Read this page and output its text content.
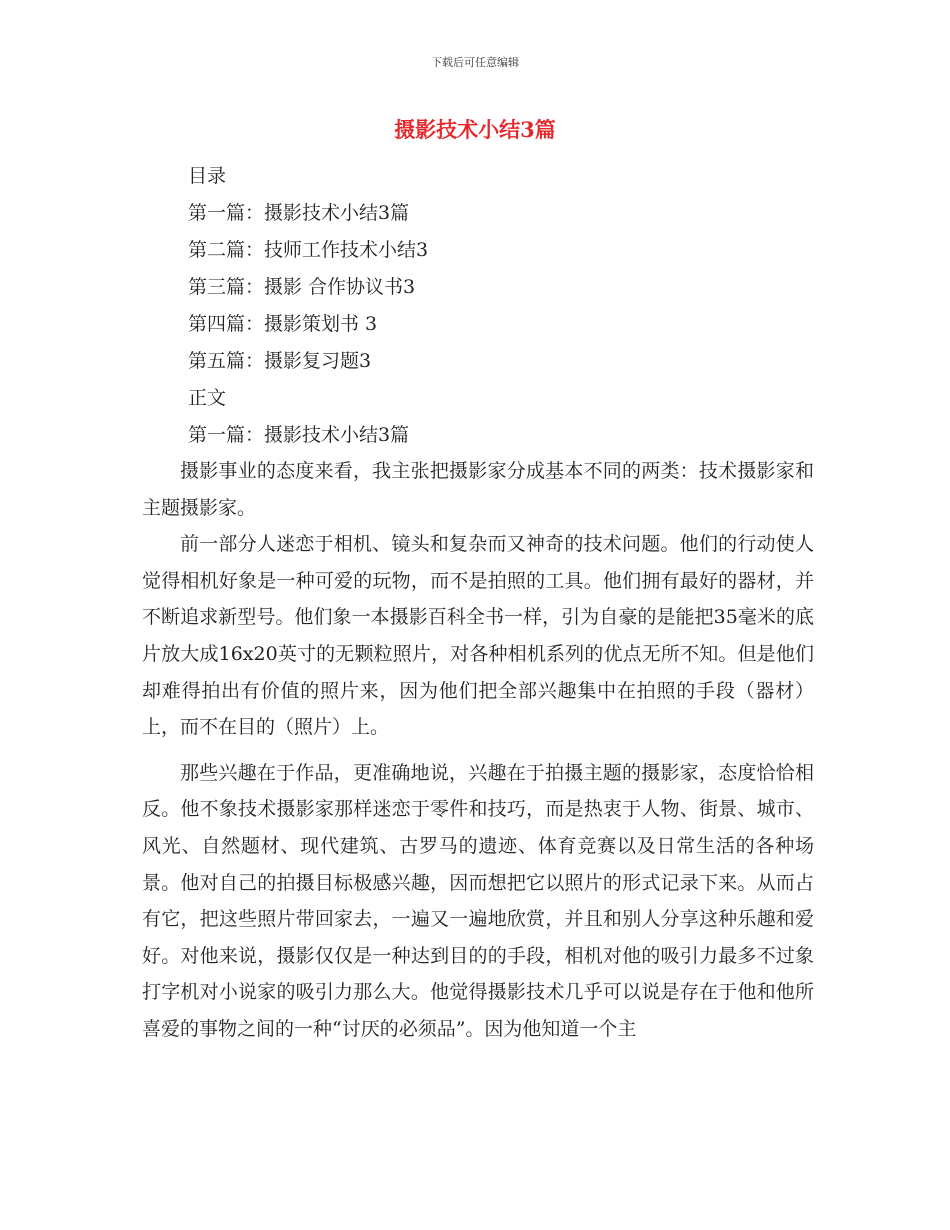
下载后可任意编辑
摄影技术小结3篇
目录
第一篇：摄影技术小结3篇
第二篇：技师工作技术小结3
第三篇：摄影 合作协议书3
第四篇：摄影策划书 3
第五篇：摄影复习题3
正文
第一篇：摄影技术小结3篇

摄影事业的态度来看，我主张把摄影家分成基本不同的两类：技术摄影家和主题摄影家。

前一部分人迷恋于相机、镜头和复杂而又神奇的技术问题。他们的行动使人觉得相机好象是一种可爱的玩物，而不是拍照的工具。他们拥有最好的器材，并不断追求新型号。他们象一本摄影百科全书一样，引为自豪的是能把35毫米的底片放大成16x20英寸的无颗粒照片，对各种相机系列的优点无所不知。但是他们却难得拍出有价值的照片来，因为他们把全部兴趣集中在拍照的手段（器材）上，而不在目的（照片）上。

那些兴趣在于作品，更准确地说，兴趣在于拍摄主题的摄影家，态度恰恰相反。他不象技术摄影家那样迷恋于零件和技巧，而是热衷于人物、街景、城市、风光、自然题材、现代建筑、古罗马的遗迹、体育竞赛以及日常生活的各种场景。他对自己的拍摄目标极感兴趣，因而想把它以照片的形式记录下来。从而占有它，把这些照片带回家去，一遍又一遍地欣赏，并且和别人分享这种乐趣和爱好。对他来说，摄影仅仅是一种达到目的的手段，相机对他的吸引力最多不过象打字机对小说家的吸引力那么大。他觉得摄影技术几乎可以说是存在于他和他所喜爱的事物之间的一种“讨厌的必须品”。因为他知道一个主
